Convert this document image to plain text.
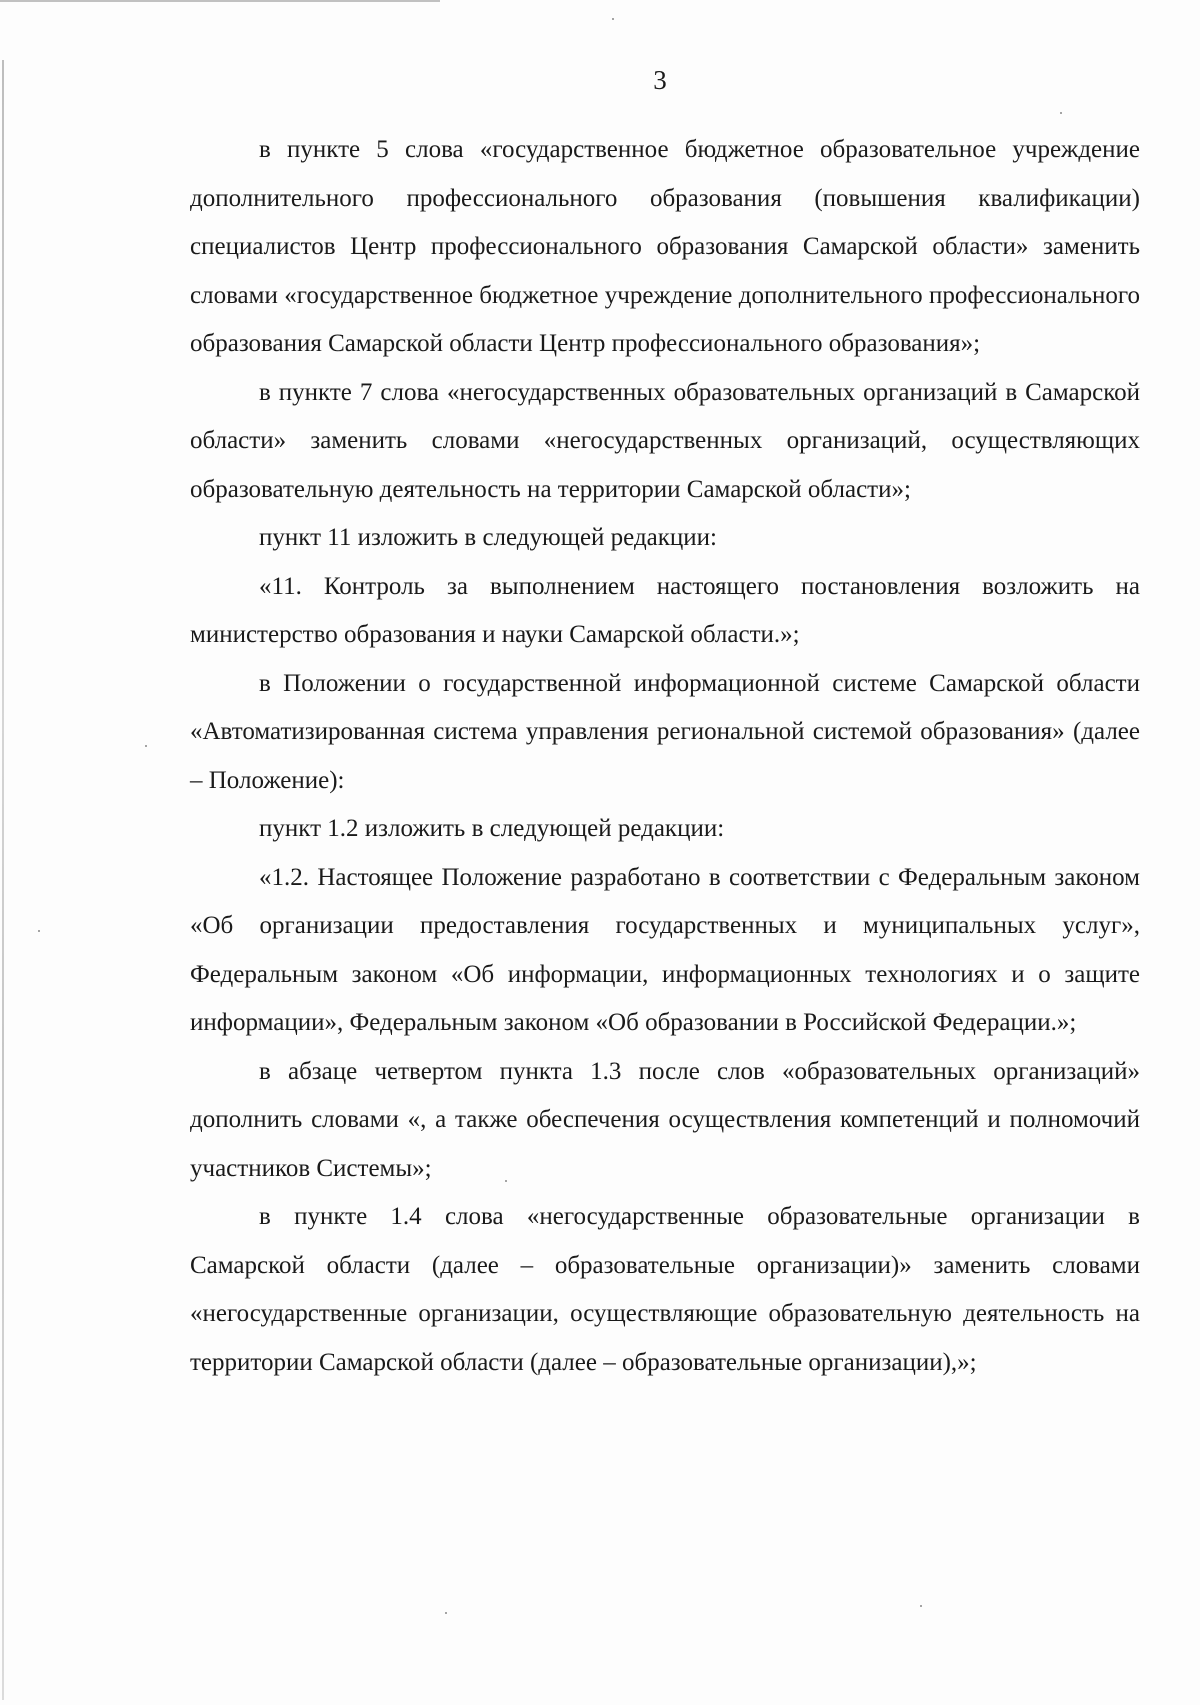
3

в пункте 5 слова «государственное бюджетное образовательное учреждение дополнительного профессионального образования (повышения квалификации) специалистов Центр профессионального образования Самарской области» заменить словами «государственное бюджетное учреждение дополнительного профессионального образования Самарской области Центр профессионального образования»;

в пункте 7 слова «негосударственных образовательных организаций в Самарской области» заменить словами «негосударственных организаций, осуществляющих образовательную деятельность на территории Самарской области»;

пункт 11 изложить в следующей редакции:

«11. Контроль за выполнением настоящего постановления возложить на министерство образования и науки Самарской области.»;

в Положении о государственной информационной системе Самарской области «Автоматизированная система управления региональной системой образования» (далее – Положение):

пункт 1.2 изложить в следующей редакции:

«1.2. Настоящее Положение разработано в соответствии с Федеральным законом «Об организации предоставления государственных и муниципальных услуг», Федеральным законом «Об информации, информационных технологиях и о защите информации», Федеральным законом «Об образовании в Российской Федерации.»;

в абзаце четвертом пункта 1.3 после слов «образовательных организаций» дополнить словами «, а также обеспечения осуществления компетенций и полномочий участников Системы»;

в пункте 1.4 слова «негосударственные образовательные организации в Самарской области (далее – образовательные организации)» заменить словами «негосударственные организации, осуществляющие образовательную деятельность на территории Самарской области (далее – образовательные организации),»;
